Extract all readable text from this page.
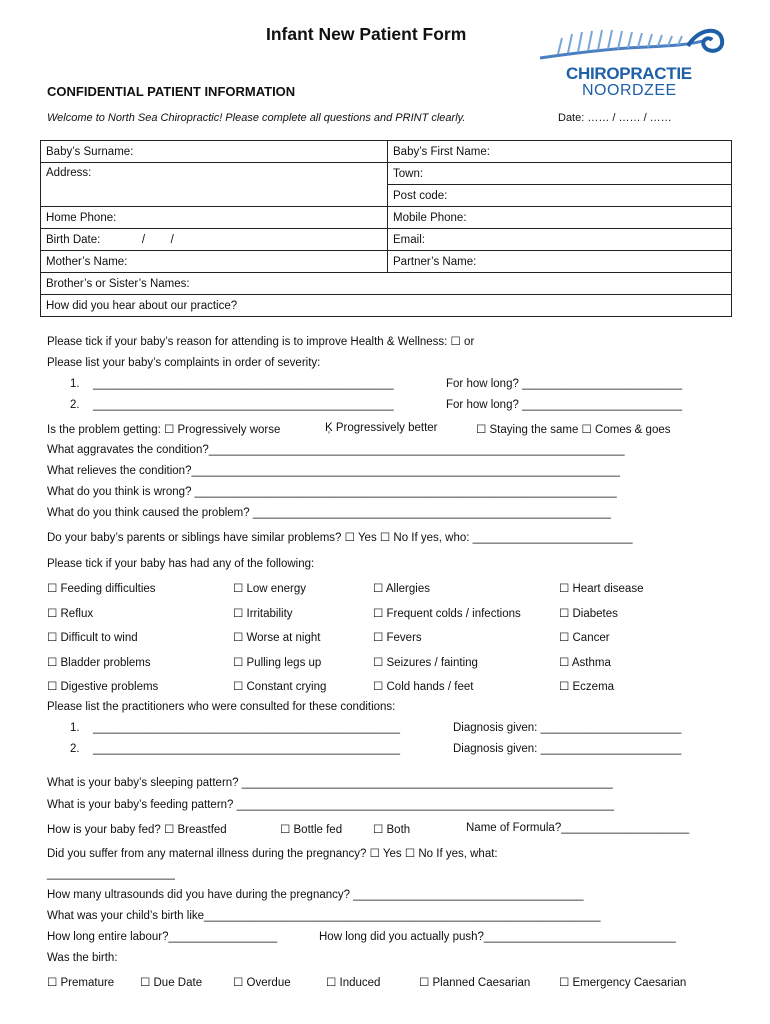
Infant New Patient Form
CHIROPRACTIE
NOORDZEE
CONFIDENTIAL PATIENT INFORMATION
Welcome to North Sea Chiropractic! Please complete all questions and PRINT clearly.	Date: …… / …… / ……
Baby’s Surname:	Baby’s First Name:
Address:	Town:
	Post code:
Home Phone:	Mobile Phone:
Birth Date:             /        /	Email:
Mother’s Name:	Partner’s Name:
Brother’s or Sister’s Names:	
How did you hear about our practice?	
Please tick if your baby’s reason for attending is to improve Health & Wellness: ☐ or
Please list your baby’s complaints in order of severity:
1. _______________________________________________	For how long? _________________________
2. _______________________________________________	For how long? _________________________
Is the problem getting: ☐ Progressively worse	Ķ Progressively better	☐ Staying the same ☐ Comes & goes
What aggravates the condition?_________________________________________________________________
What relieves the condition?___________________________________________________________________
What do you think is wrong? __________________________________________________________________
What do you think caused the problem? ________________________________________________________
Do your baby’s parents or siblings have similar problems? ☐ Yes ☐ No If yes, who: _________________________
Please tick if your baby has had any of the following:
☐ Feeding difficulties	☐ Low energy	☐ Allergies	☐ Heart disease
☐ Reflux	☐ Irritability	☐ Frequent colds / infections	☐ Diabetes
☐ Difficult to wind	☐ Worse at night	☐ Fevers	☐ Cancer
☐ Bladder problems	☐ Pulling legs up	☐ Seizures / fainting	☐ Asthma
☐ Digestive problems	☐ Constant crying	☐ Cold hands / feet	☐ Eczema
Please list the practitioners who were consulted for these conditions:
1. ________________________________________________	Diagnosis given: ______________________
2. ________________________________________________	Diagnosis given: ______________________
What is your baby’s sleeping pattern? __________________________________________________________
What is your baby’s feeding pattern? ___________________________________________________________
How is your baby fed? ☐ Breastfed	☐ Bottle fed	☐ Both	Name of Formula?____________________
Did you suffer from any maternal illness during the pregnancy? ☐ Yes ☐ No If yes, what:
____________________
How many ultrasounds did you have during the pregnancy? ____________________________________
What was your child’s birth like______________________________________________________________
How long entire labour?_________________	How long did you actually push?______________________________
Was the birth:
☐ Premature ☐ Due Date	☐ Overdue	☐ Induced	☐ Planned Caesarian ☐ Emergency Caesarian
